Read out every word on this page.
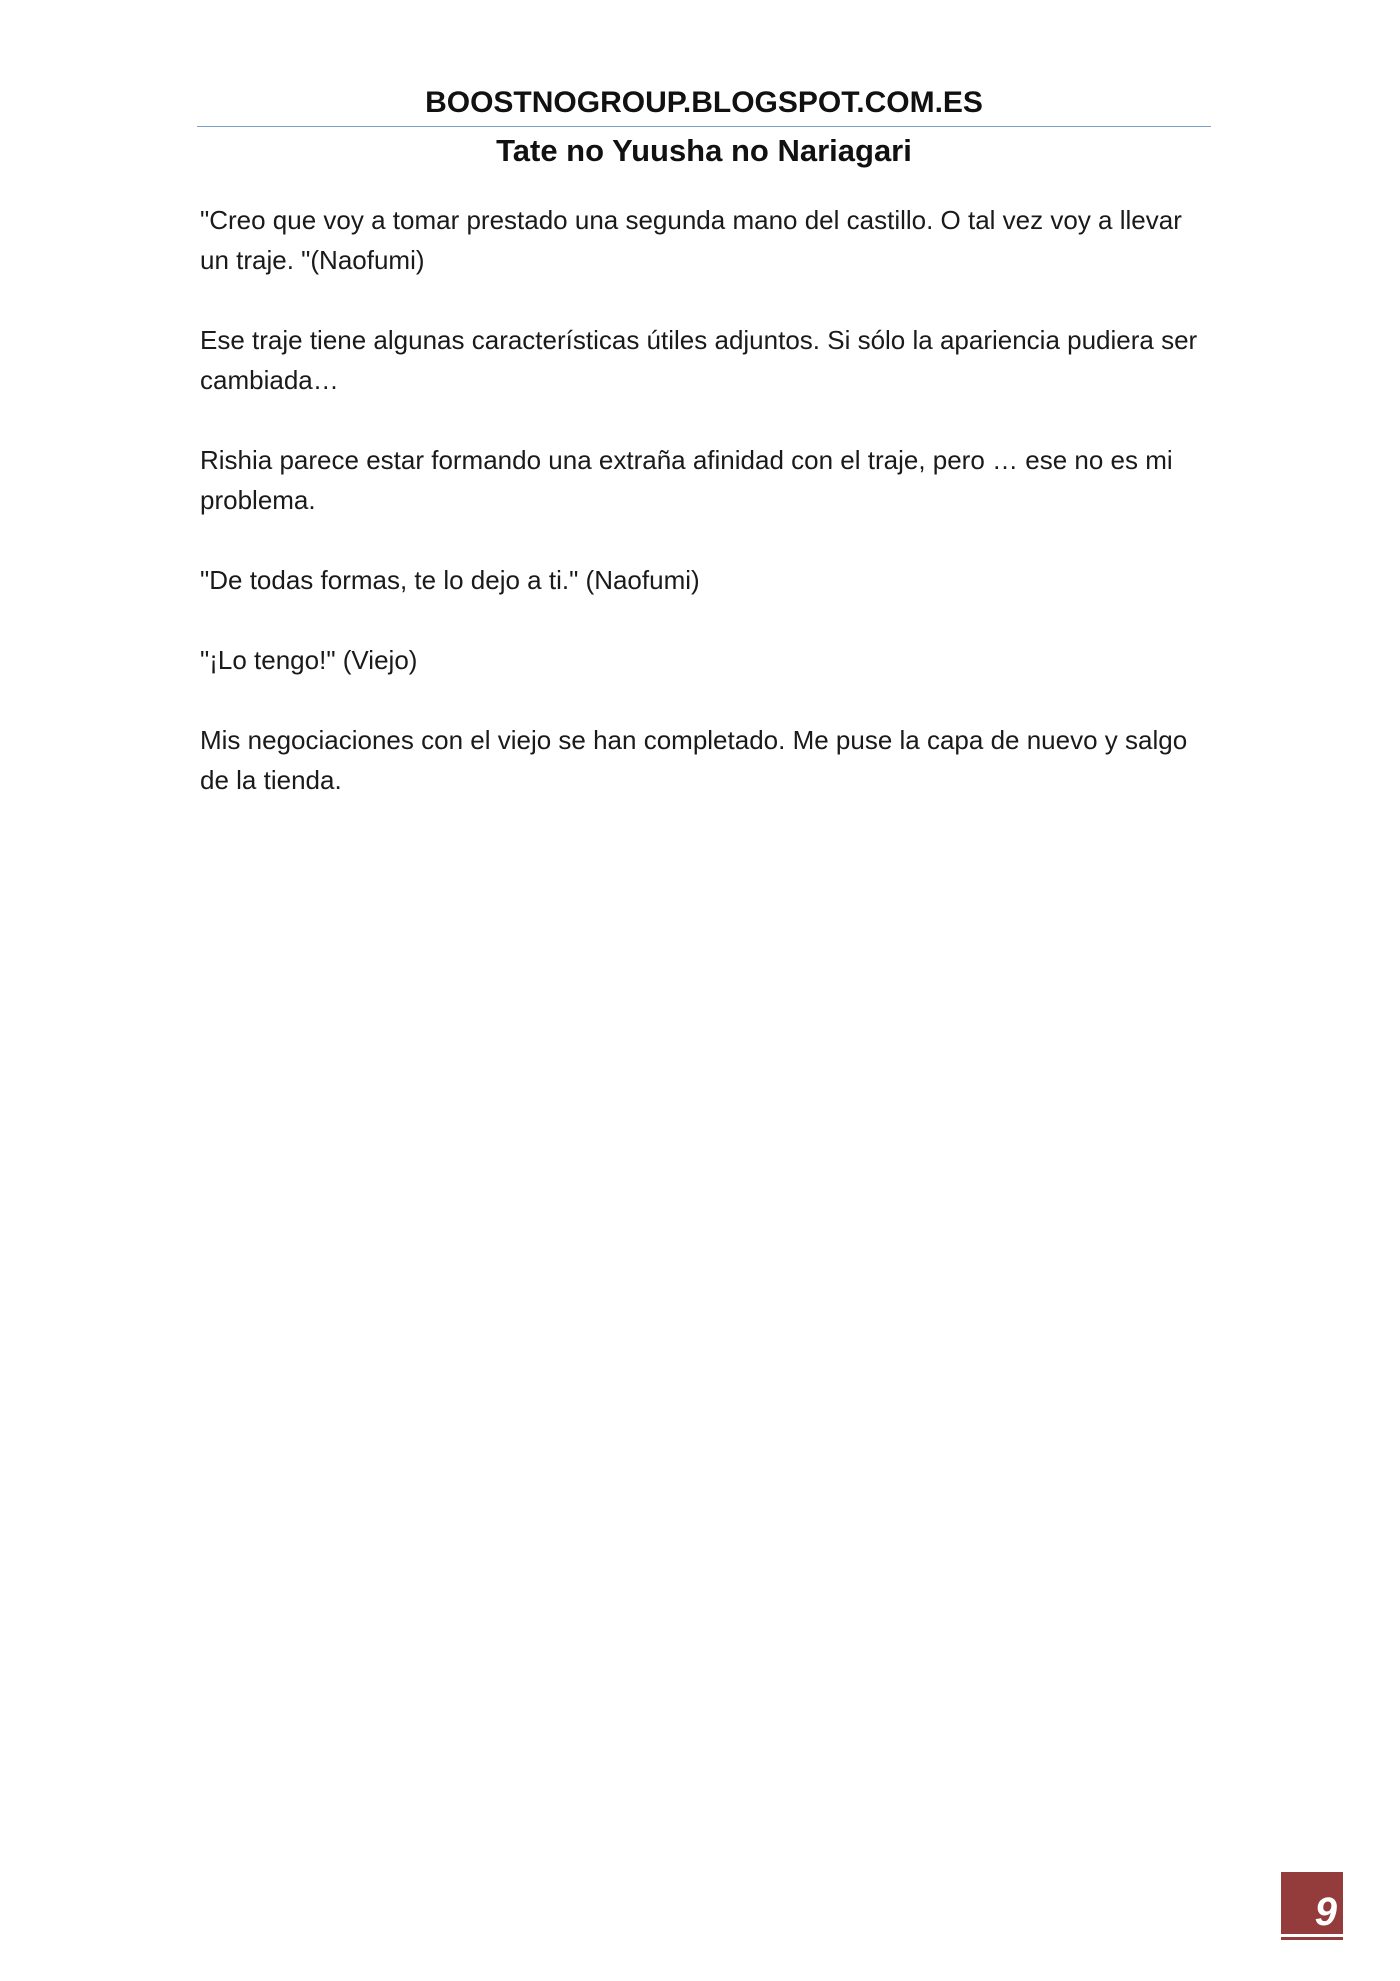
BOOSTNOGROUP.BLOGSPOT.COM.ES
Tate no Yuusha no Nariagari

"Creo que voy a tomar prestado una segunda mano del castillo. O tal vez voy a llevar un traje. "(Naofumi)

Ese traje tiene algunas características útiles adjuntos. Si sólo la apariencia pudiera ser cambiada…

Rishia parece estar formando una extraña afinidad con el traje, pero … ese no es mi problema.

"De todas formas, te lo dejo a ti." (Naofumi)

"¡Lo tengo!" (Viejo)

Mis negociaciones con el viejo se han completado. Me puse la capa de nuevo y salgo de la tienda.

9
